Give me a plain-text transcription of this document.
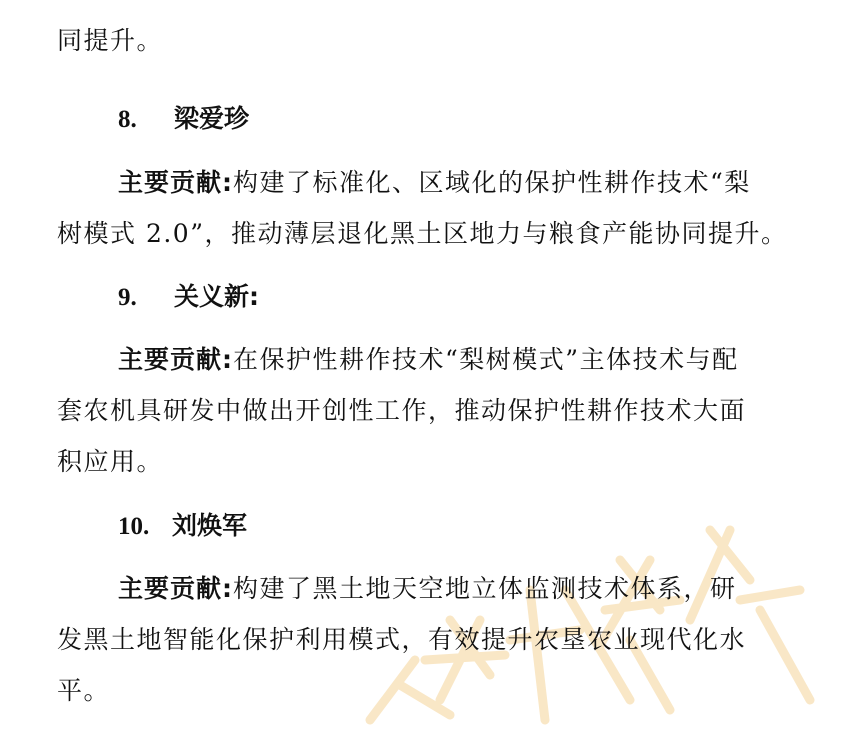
同提升。
8. 梁爱珍
主要贡献:构建了标准化、区域化的保护性耕作技术“梨
树模式 2.0”，推动薄层退化黑土区地力与粮食产能协同提升。
9. 关义新:
主要贡献:在保护性耕作技术“梨树模式”主体技术与配
套农机具研发中做出开创性工作，推动保护性耕作技术大面
积应用。
10. 刘焕军
主要贡献:构建了黑土地天空地立体监测技术体系，研
发黑土地智能化保护利用模式，有效提升农垦农业现代化水
平。
